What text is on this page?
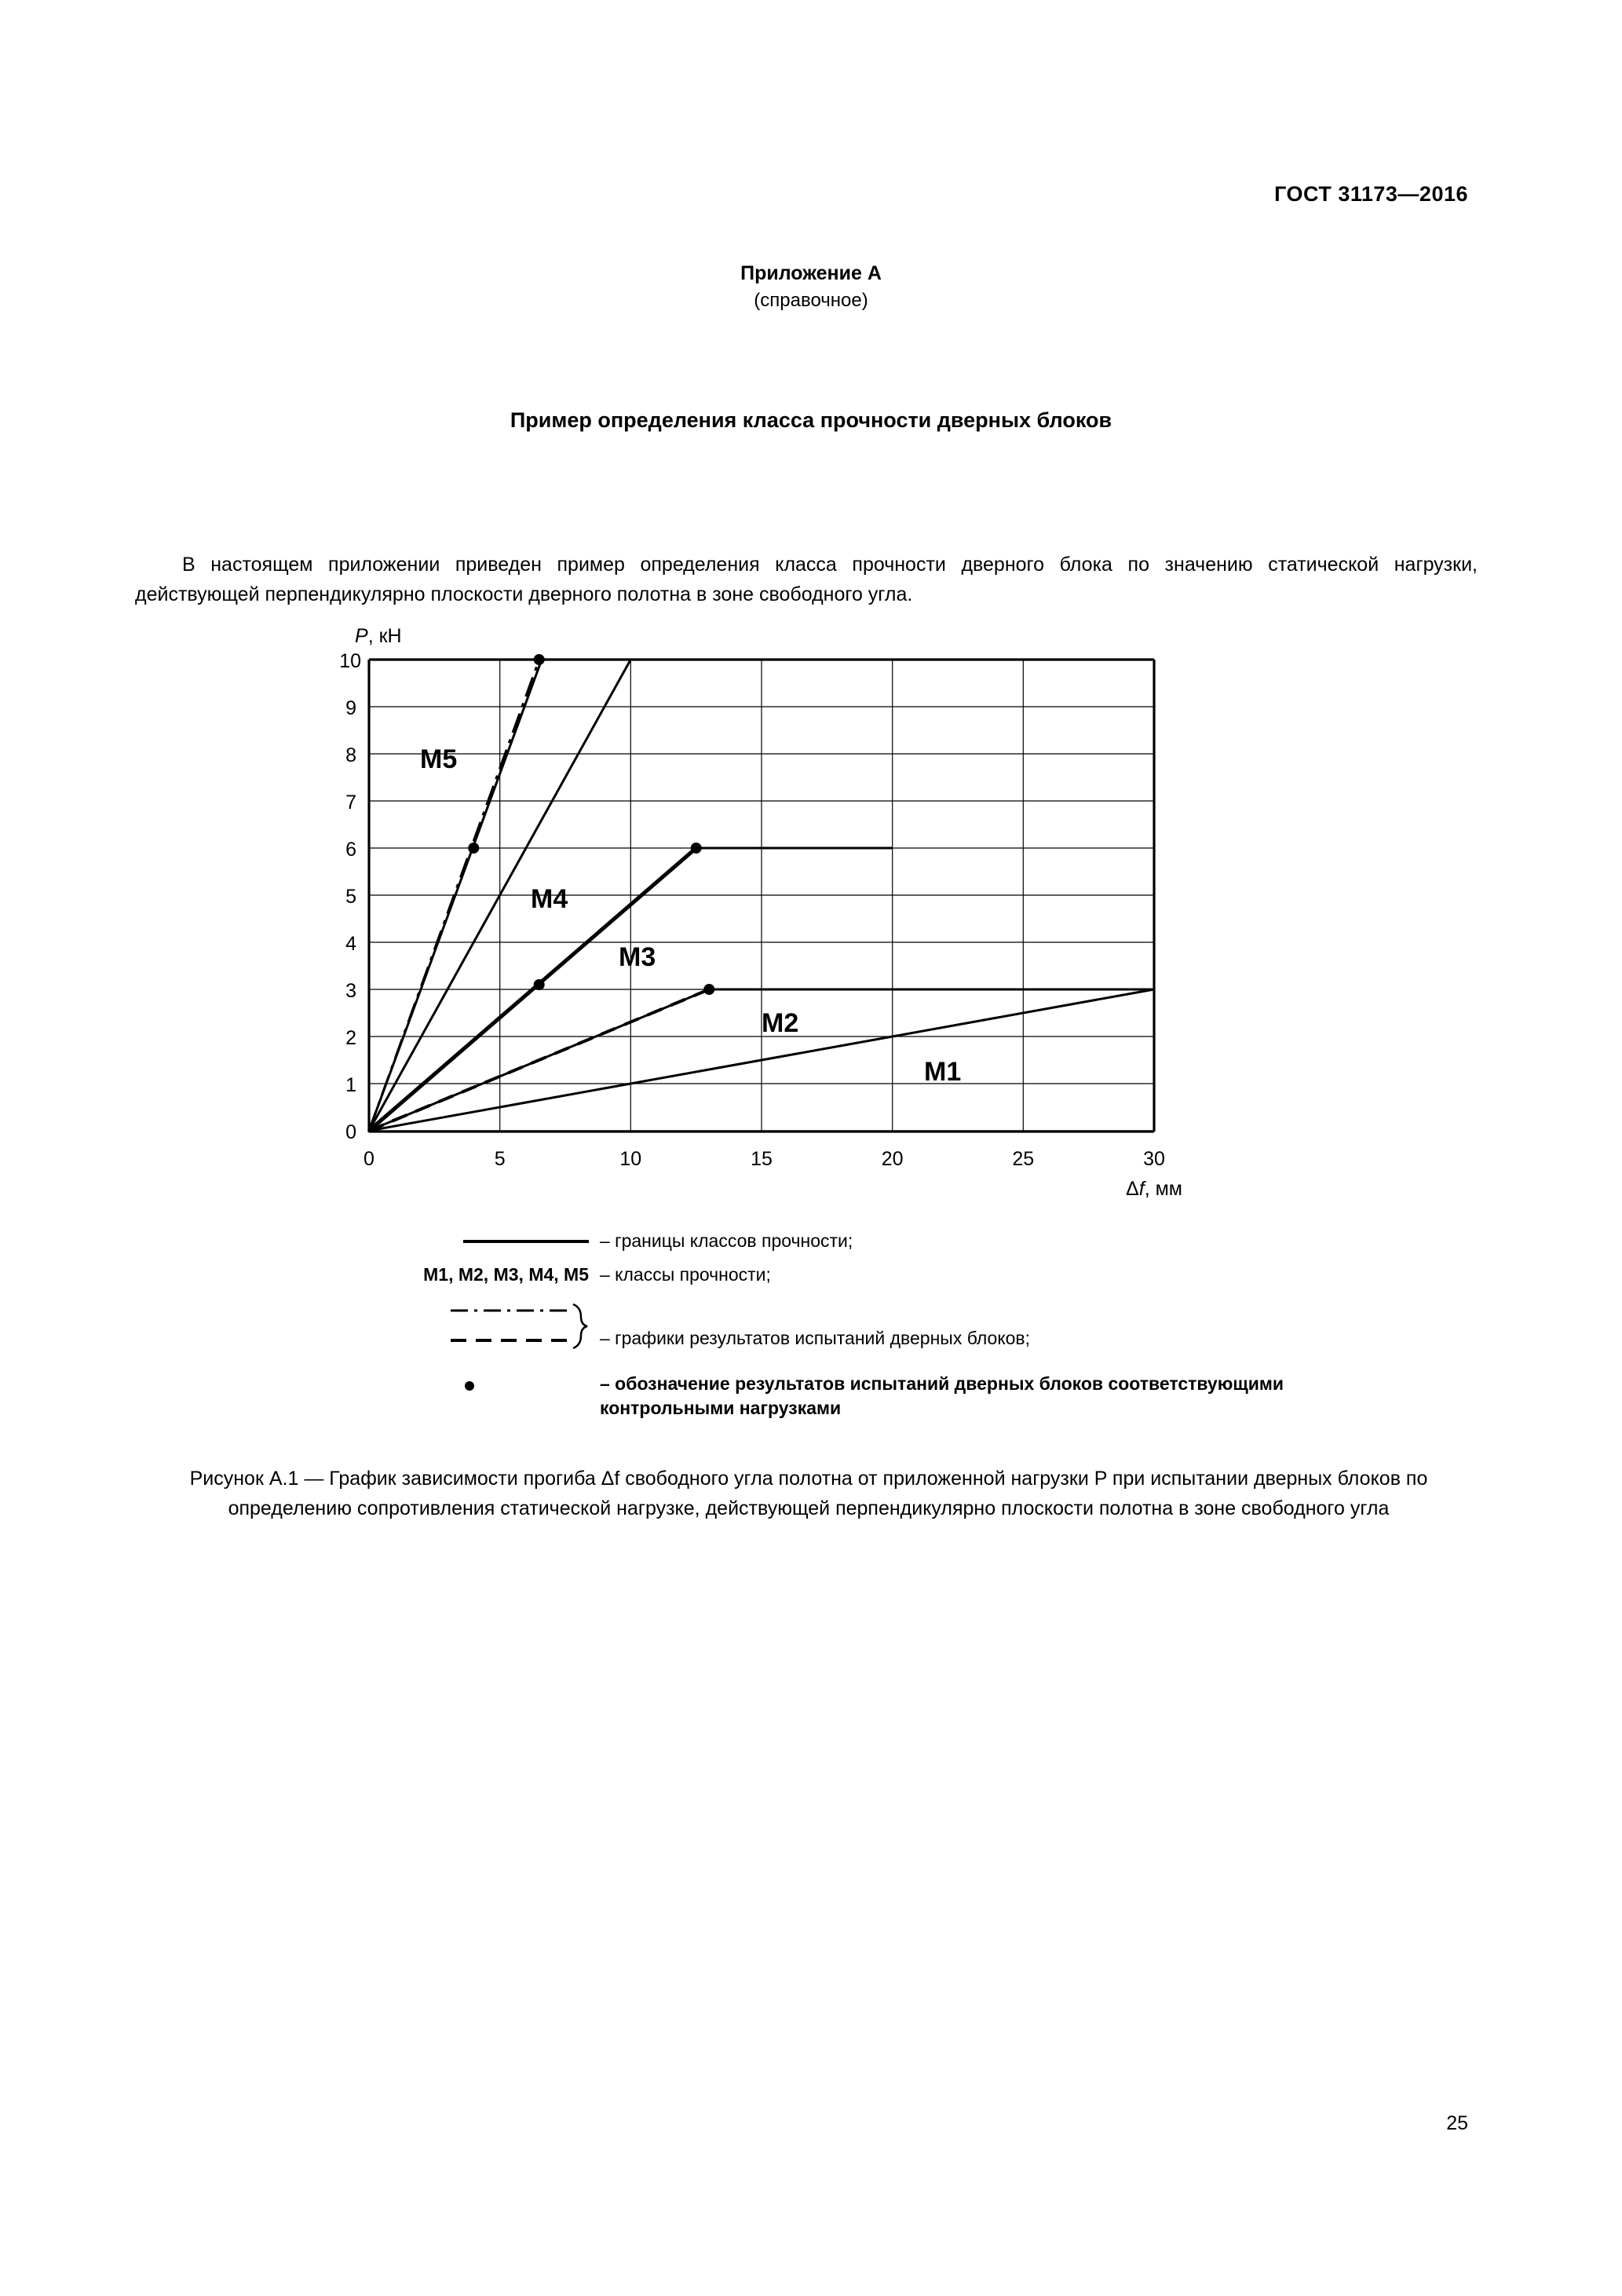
ГОСТ 31173—2016
Приложение А
(справочное)
Пример определения класса прочности дверных блоков
В настоящем приложении приведен пример определения класса прочности дверного блока по значению статической нагрузки, действующей перпендикулярно плоскости дверного полотна в зоне свободного угла.
0
1
2
3
4
5
6
7
8
9
10
0	5	10	15	20	25	30
P, кН
Δf, мм
M5
M4
M3
M2
M1
– границы классов прочности;
M1, M2, M3, M4, M5 – классы прочности;
– графики результатов испытаний дверных блоков;
– обозначение результатов испытаний дверных блоков соответствующими контрольными нагрузками
Рисунок А.1 — График зависимости прогиба Δf свободного угла полотна от приложенной нагрузки P при испытании дверных блоков по определению сопротивления статической нагрузке, действующей перпендикулярно плоскости полотна в зоне свободного угла
25
